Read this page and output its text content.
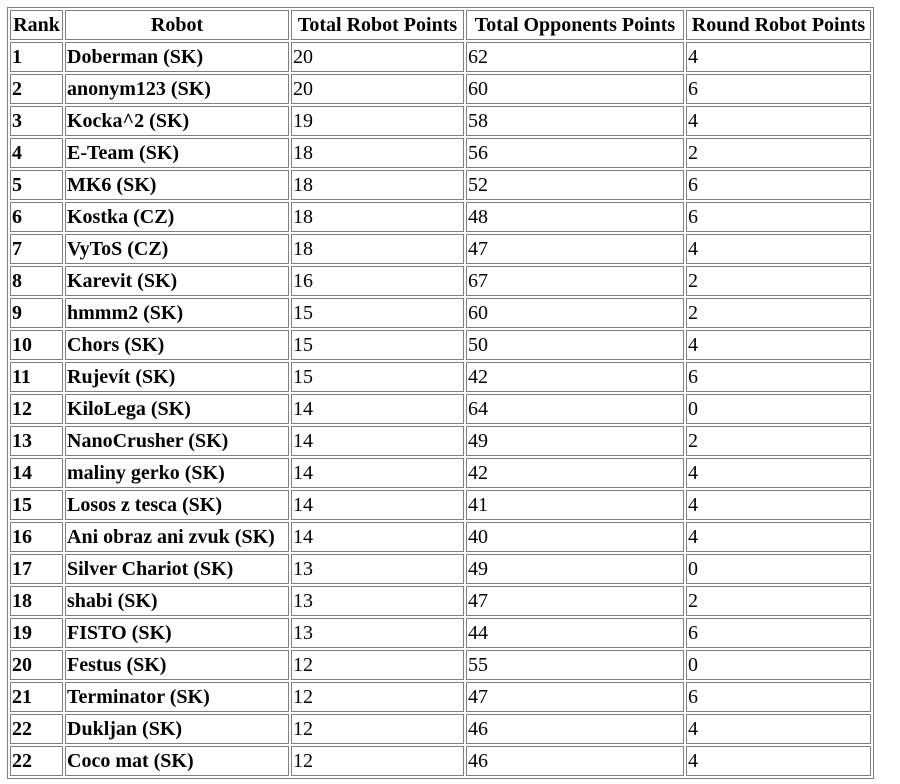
Rank	Robot	Total Robot Points	Total Opponents Points	Round Robot Points
1	Doberman (SK)	20	62	4
2	anonym123 (SK)	20	60	6
3	Kocka^2 (SK)	19	58	4
4	E-Team (SK)	18	56	2
5	MK6 (SK)	18	52	6
6	Kostka (CZ)	18	48	6
7	VyToS (CZ)	18	47	4
8	Karevit (SK)	16	67	2
9	hmmm2 (SK)	15	60	2
10	Chors (SK)	15	50	4
11	Rujevít (SK)	15	42	6
12	KiloLega (SK)	14	64	0
13	NanoCrusher (SK)	14	49	2
14	maliny gerko (SK)	14	42	4
15	Losos z tesca (SK)	14	41	4
16	Ani obraz ani zvuk (SK)	14	40	4
17	Silver Chariot (SK)	13	49	0
18	shabi (SK)	13	47	2
19	FISTO (SK)	13	44	6
20	Festus (SK)	12	55	0
21	Terminator (SK)	12	47	6
22	Dukljan (SK)	12	46	4
22	Coco mat (SK)	12	46	4
